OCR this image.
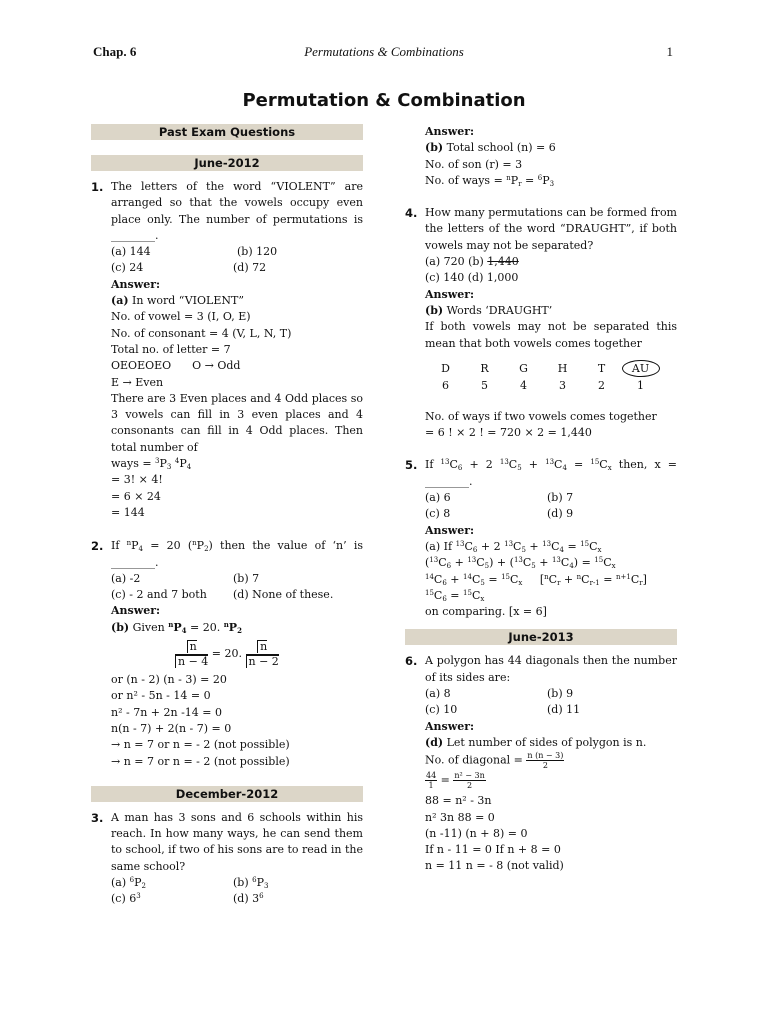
Chap. 6	Permutations & Combinations	1
Permutation & Combination
Past Exam Questions
June-2012
1. The letters of the word “VIOLENT” are arranged so that the vowels occupy even place only. The number of permutations is ________.
(a) 144	(b) 120
(c) 24	(d) 72
Answer:
(a) In word “VIOLENT”
No. of vowel = 3 (I, O, E)
No. of consonant = 4 (V, L, N, T)
Total no. of letter = 7
OEOEOEO      O → Odd
E → Even
There are 3 Even places and 4 Odd places so 3 vowels can fill in 3 even places and 4 consonants can fill in 4 Odd places. Then total number of
ways = $^3P_3$ $^4P_4$
= 3! × 4!
= 6 × 24
= 144
2. If $^nP_4 = 20$ $(^nP_2)$ then the value of ‘n’ is ________.
(a) -2	(b) 7
(c) - 2 and 7 both	(d) None of these.
Answer:
(b) Given $^nP_4 = 20$. $^nP_2$
$\frac{n}{n - 4} = 20$. $\frac{n}{n - 2}$
or (n - 2) (n - 3) = 20
or n² - 5n - 14 = 0
n² - 7n + 2n -14 = 0
n(n - 7) + 2(n - 7) = 0
→ n = 7 or n = - 2 (not possible)
→ n = 7 or n = - 2 (not possible)
December-2012
3. A man has 3 sons and 6 schools within his reach. In how many ways, he can send them to school, if two of his sons are to read in the same school?
(a) $^6P_2$	(b) $^6P_3$
(c) $6^3$	(d) $3^6$
Answer:
(b) Total school (n) = 6
No. of son (r) = 3
No. of ways = $^nP_r = ^6P_3$
4. How many permutations can be formed from the letters of the word “DRAUGHT”, if both vowels may not be separated?
(a) 720 (b) 1,440
(c) 140 (d) 1,000
Answer:
(b) Words ‘DRAUGHT’
If both vowels may not be separated this mean that both vowels comes together
D	R	G	H	T	AU
6	5	4	3	2	1
No. of ways if two vowels comes together
= 6 ! × 2 ! = 720 × 2 = 1,440
5. If $^{13}C_6 + 2$ $^{13}C_5 + ^{13}C_4 = ^{15}C_x$ then, x = ________.
(a) 6	(b) 7
(c) 8	(d) 9
Answer:
(a) If $^{13}C_6 + 2$ $^{13}C_5 + ^{13}C_4 = ^{15}C_x$
$(^{13}C_6 + ^{13}C_5) + (^{13}C_5 + ^{13}C_4) = ^{15}C_x$
$^{14}C_6 + ^{14}C_5 = ^{15}C_x$     $[^nC_r + ^nC_{r-1} = ^{n+1}C_r]$
$^{15}C_6 = ^{15}C_x$
on comparing. [x = 6]
June-2013
6. A polygon has 44 diagonals then the number of its sides are:
(a) 8	(b) 9
(c) 10	(d) 11
Answer:
(d) Let number of sides of polygon is n.
No. of diagonal = $\frac{n (n - 3)}{2}$
$\frac{44}{1} = \frac{\text{n² − 3n}}{2}$
88 = n² - 3n
n² 3n 88 = 0
(n -11) (n + 8) = 0
If n - 11 = 0 If n + 8 = 0
n = 11 n = - 8 (not valid)
